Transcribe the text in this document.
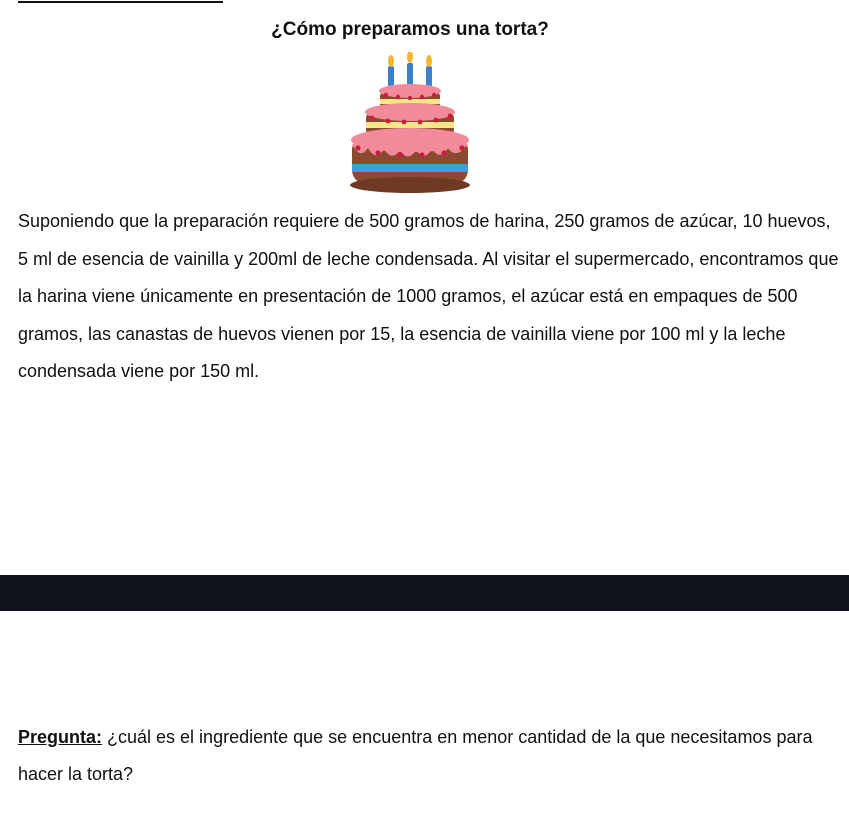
¿Cómo preparamos una torta?

Suponiendo que la preparación requiere de 500 gramos de harina, 250 gramos de azúcar, 10 huevos, 5 ml de esencia de vainilla y 200ml de leche condensada. Al visitar el supermercado, encontramos que la harina viene únicamente en presentación de 1000 gramos, el azúcar está en empaques de 500 gramos, las canastas de huevos vienen por 15, la esencia de vainilla viene por 100 ml y la leche condensada viene por 150 ml.

Pregunta: ¿cuál es el ingrediente que se encuentra en menor cantidad de la que necesitamos para hacer la torta?
